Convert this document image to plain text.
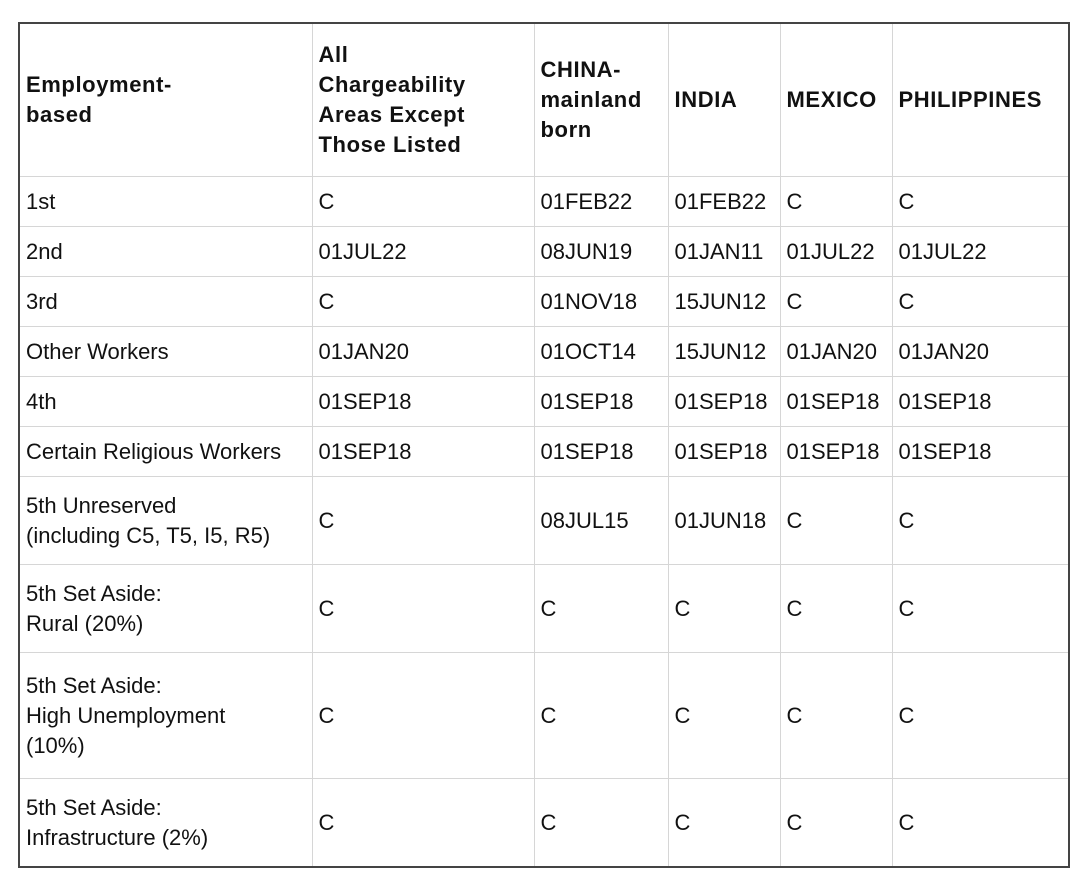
Employment-
based	All
Chargeability
Areas Except
Those Listed	CHINA-
mainland
born	INDIA	MEXICO	PHILIPPINES

1st	C	01FEB22	01FEB22	C	C

2nd	01JUL22	08JUN19	01JAN11	01JUL22	01JUL22

3rd	C	01NOV18	15JUN12	C	C

Other Workers	01JAN20	01OCT14	15JUN12	01JAN20	01JAN20

4th	01SEP18	01SEP18	01SEP18	01SEP18	01SEP18

Certain Religious Workers	01SEP18	01SEP18	01SEP18	01SEP18	01SEP18

5th Unreserved
(including C5, T5, I5, R5)	C	08JUL15	01JUN18	C	C

5th Set Aside:
Rural (20%)	C	C	C	C	C

5th Set Aside:
High Unemployment
(10%)	C	C	C	C	C

5th Set Aside:
Infrastructure (2%)	C	C	C	C	C
